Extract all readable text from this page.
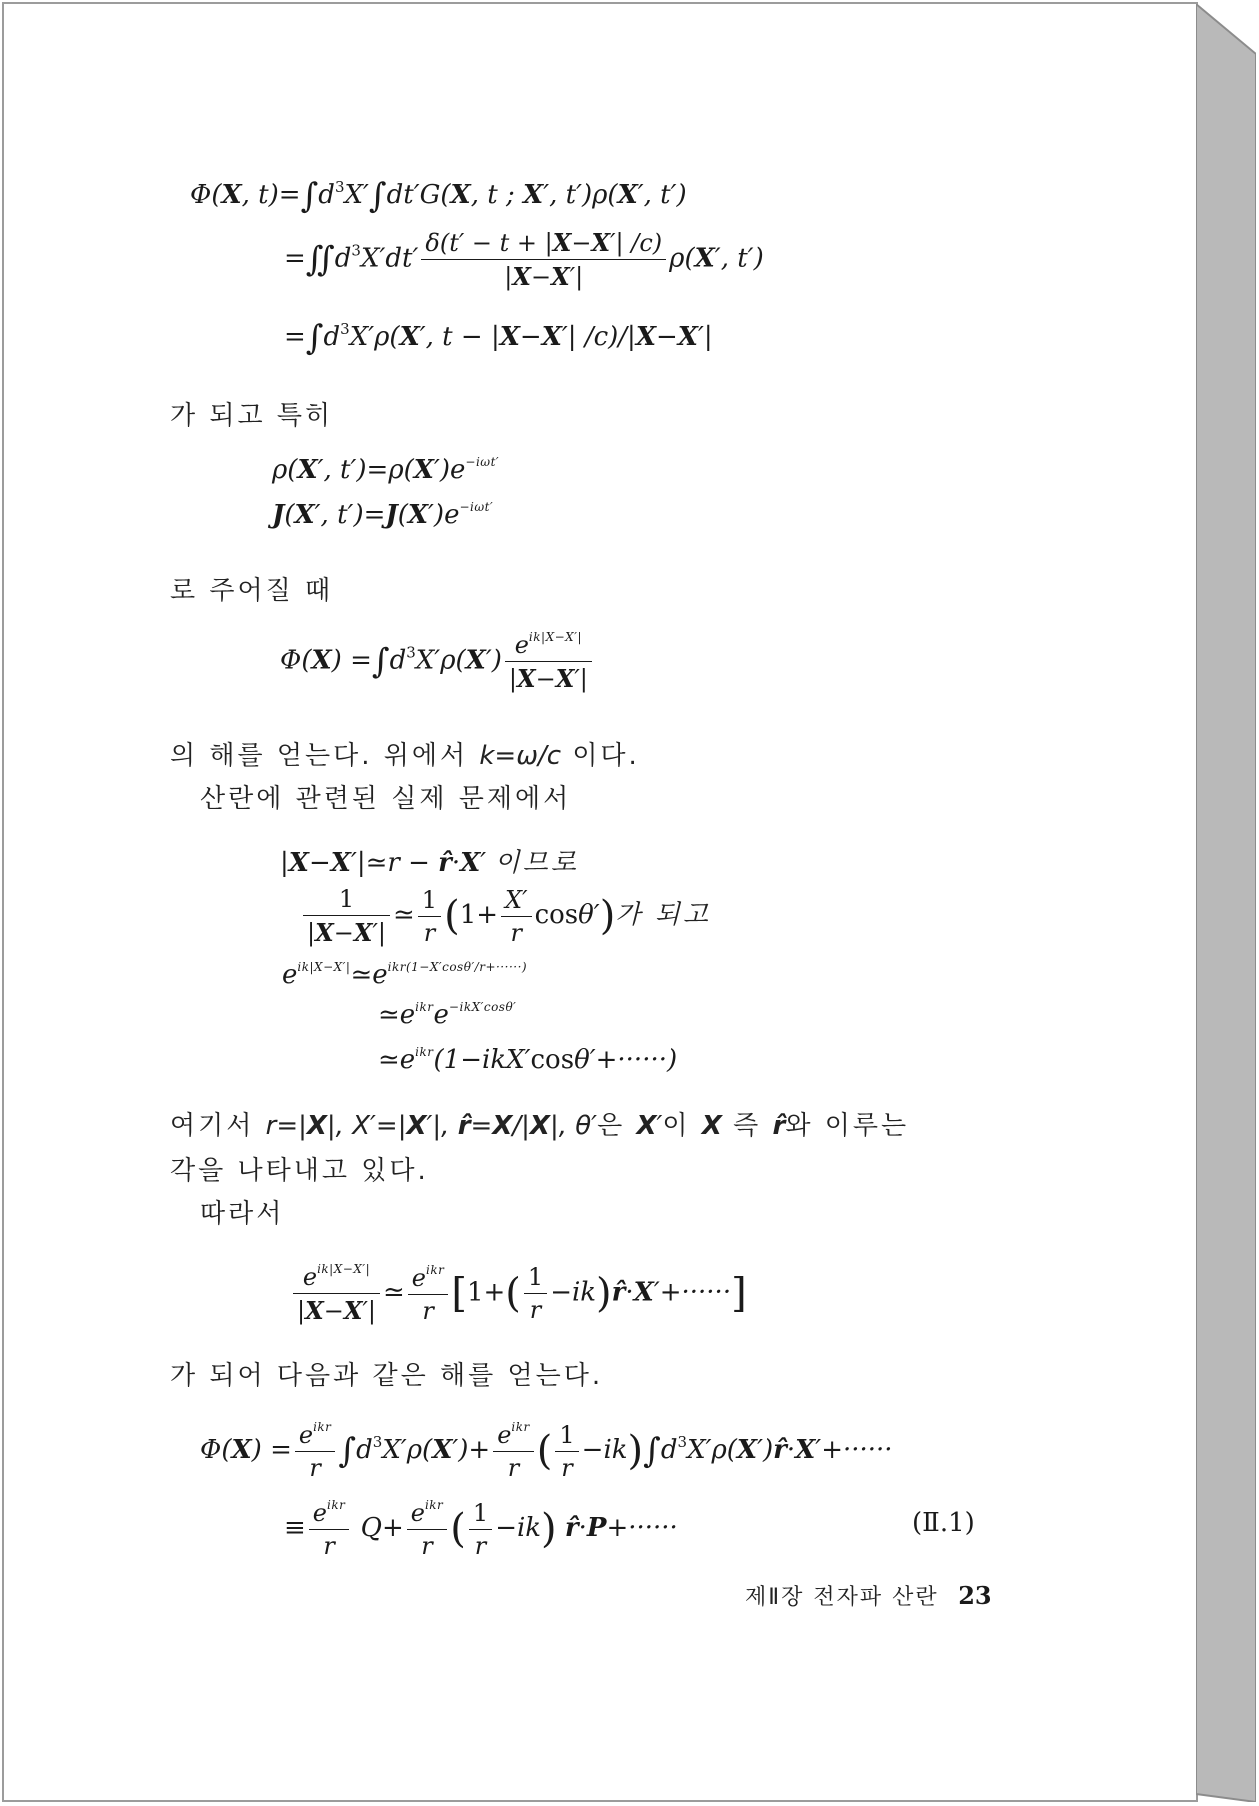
Φ(X, $t)=\int d^3X'\int dt'G(X$, t ; X′, t′)ρ(X′, t′)
$=∬d^3X'dt' \frac{\delta(t' - t + |X-X'| /c)}{|X-X'|} \rho(X'$, t′)
$=\int d^3X'\rho(X'$, t − |X−X′| /c)/|X−X′|
가 되고 특히
ρ(X′, $t')=\rho(X')e^{-i\omega t'}$
J(X′, $t')=J(X')e^{-i\omega t'}$
로 주어질 때
$\Phi(X) =\int d^3X'\rho(X') \frac{e^{ik|X-X'|}}{|X-X'|}$
의 해를 얻는다. 위에서 k=ω/c 이다.
산란에 관련된 실제 문제에서
|X−X′|≃r − r̂·X′ 이므로
$\frac{1}{|X-X'|}$ ≃ $\frac{1}{r} (1+ \frac{X'}{r} \cos\theta')$가 되고
$e^{ik|X-X'|}≃e^{ikr(1-X'cos\theta'/r+\cdot\cdot\cdot\cdot\cdot\cdot)}$
$≃e^{ikr}e^{-ikX'cos\theta'}$
$≃e^{ikr}(1-ikX'\cos\theta'+\cdot\cdot\cdot\cdot\cdot\cdot)$
여기서 r=|X|, X′=|X′|, r̂=X/|X|, θ′은 X′이 X 즉 r̂와 이루는
각을 나타내고 있다.
따라서
$\frac{e^{ik|X-X'|}}{|X-X'|}$ ≃ $\frac{e^{ikr}}{r} [1+( \frac{1}{r}$ −ik)r̂·X′+······]
가 되어 다음과 같은 해를 얻는다.
$\Phi(X) = \frac{e^{ikr}}{r} \int d^3X'\rho(X')+ \frac{e^{ikr}}{r}$ ( $\frac{1}{r}$ $-ik)\int d^3X'\rho(X')r̂\cdot X'+\cdot\cdot\cdot\cdot\cdot\cdot$
≡ $\frac{e^{ikr}}{r} Q+ \frac{e^{ikr}}{r}$ ( $\frac{1}{r} -ik$) r̂·P+······	(Ⅱ.1)
제Ⅱ장 전자파 산란 23
